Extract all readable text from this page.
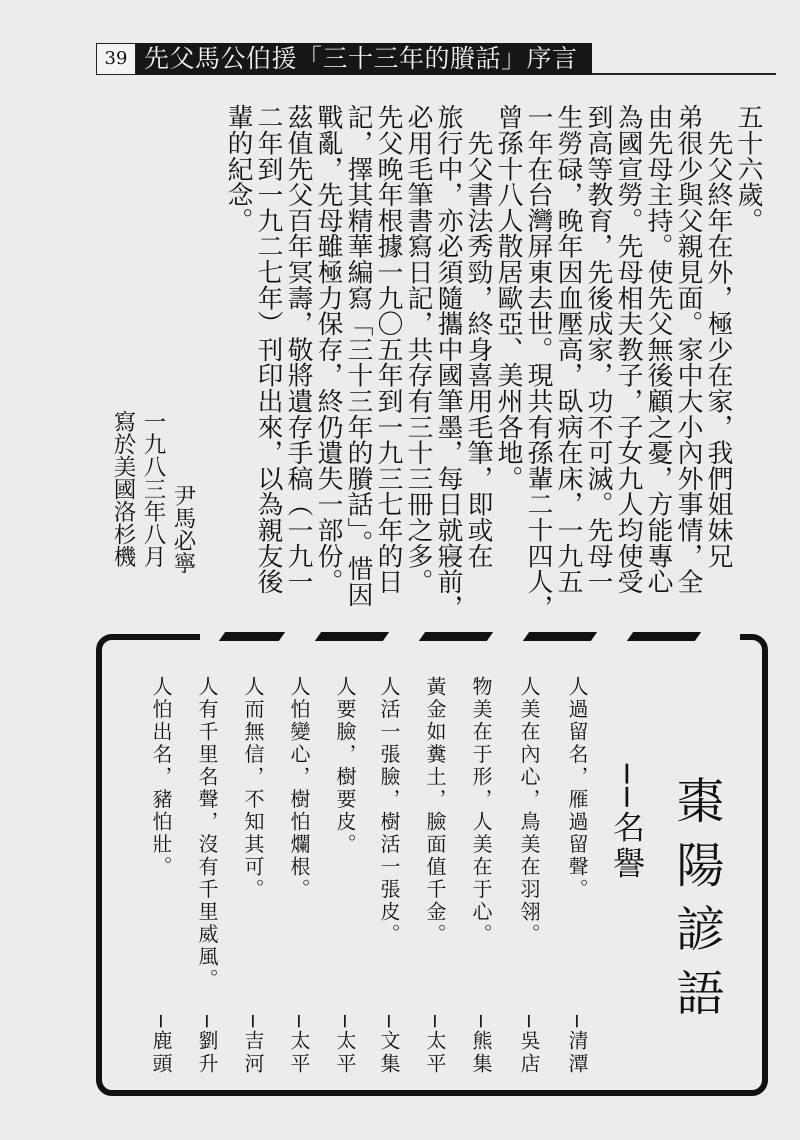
39 先父馬公伯援「三十三年的賸話」序言
五十六歲。
　先父終年在外，極少在家，我們姐妹兄
弟很少與父親見面。家中大小內外事情，全
由先母主持。使先父無後顧之憂，方能專心
為國宣勞。先母相夫教子，子女九人均使受
到高等教育，先後成家，功不可滅。先母一
生勞碌，晚年因血壓高，臥病在床，一九五
一年在台灣屏東去世。現共有孫輩二十四人，
曾孫十八人散居歐亞、美州各地。
　先父書法秀勁，終身喜用毛筆，即或在
旅行中，亦必須隨攜中國筆墨，每日就寢前，
必用毛筆書寫日記，共存有三十三冊之多。
先父晚年根據一九〇五年到一九三七年的日
記，擇其精華編寫「三十三年的賸話」。惜因
戰亂，先母雖極力保存，終仍遺失一部份。
茲值先父百年冥壽，敬將遺存手稿（一九一
二年到一九二七年）刊印出來，以為親友後
輩的紀念。
尹馬必寧
一九八三年八月
寫於美國洛杉機
棗陽諺語
──名譽
人過留名，雁過留聲。
─清潭
人美在內心，鳥美在羽翎。
─吳店
物美在于形，人美在于心。
─熊集
黃金如糞土，臉面值千金。
─太平
人活一張臉，樹活一張皮。
─文集
人要臉，樹要皮。
─太平
人怕變心，樹怕爛根。
─太平
人而無信，不知其可。
─吉河
人有千里名聲，沒有千里威風。
─劉升
人怕出名，豬怕壯。
─鹿頭
